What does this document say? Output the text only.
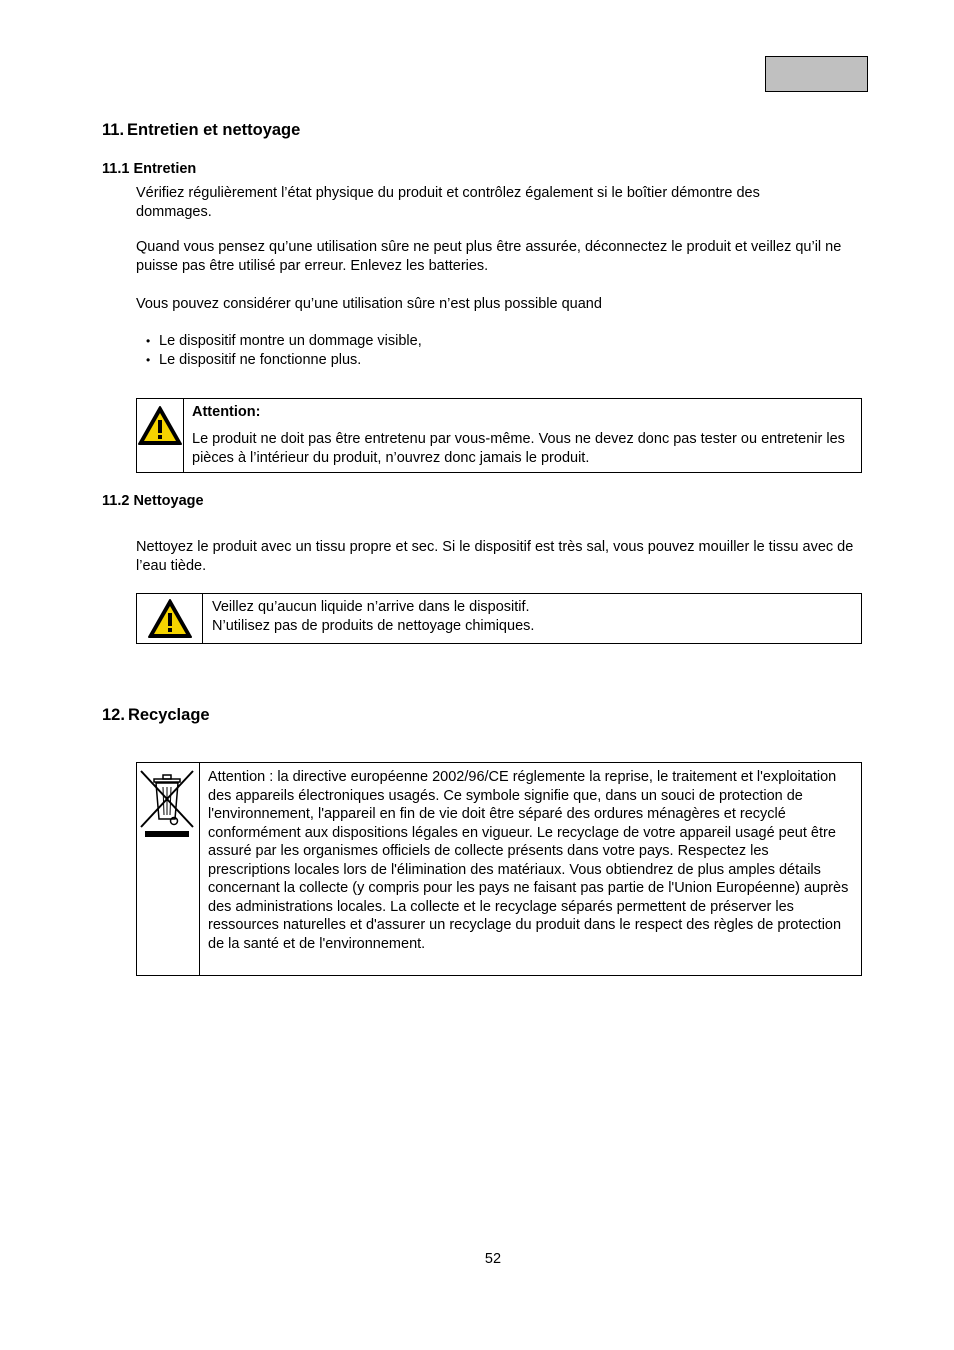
11. Entretien et nettoyage
11.1 Entretien
Vérifiez régulièrement l’état physique du produit et contrôlez également si le boîtier démontre des dommages.
Quand vous pensez qu’une utilisation sûre ne peut plus être assurée, déconnectez le produit et veillez qu’il ne puisse pas être utilisé par erreur. Enlevez les batteries.
Vous pouvez considérer qu’une utilisation sûre n’est plus possible quand
• Le dispositif montre un dommage visible,
• Le dispositif ne fonctionne plus.
Attention:
Le produit ne doit pas être entretenu par vous-même. Vous ne devez donc pas tester ou entretenir les pièces à l’intérieur du produit, n’ouvrez donc jamais le produit.
11.2 Nettoyage
Nettoyez le produit avec un tissu propre et sec. Si le dispositif est très sal, vous pouvez mouiller le tissu avec de l’eau tiède.
Veillez qu’aucun liquide n’arrive dans le dispositif.
N’utilisez pas de produits de nettoyage chimiques.
12. Recyclage
Attention : la directive européenne 2002/96/CE réglemente la reprise, le traitement et l'exploitation des appareils électroniques usagés. Ce symbole signifie que, dans un souci de protection de l'environnement, l'appareil en fin de vie doit être séparé des ordures ménagères et recyclé conformément aux dispositions légales en vigueur. Le recyclage de votre appareil usagé peut être assuré par les organismes officiels de collecte présents dans votre pays. Respectez les prescriptions locales lors de l'élimination des matériaux. Vous obtiendrez de plus amples détails concernant la collecte (y compris pour les pays ne faisant pas partie de l'Union Européenne) auprès des administrations locales. La collecte et le recyclage séparés permettent de préserver les ressources naturelles et d'assurer un recyclage du produit dans le respect des règles de protection de la santé et de l'environnement.
52
